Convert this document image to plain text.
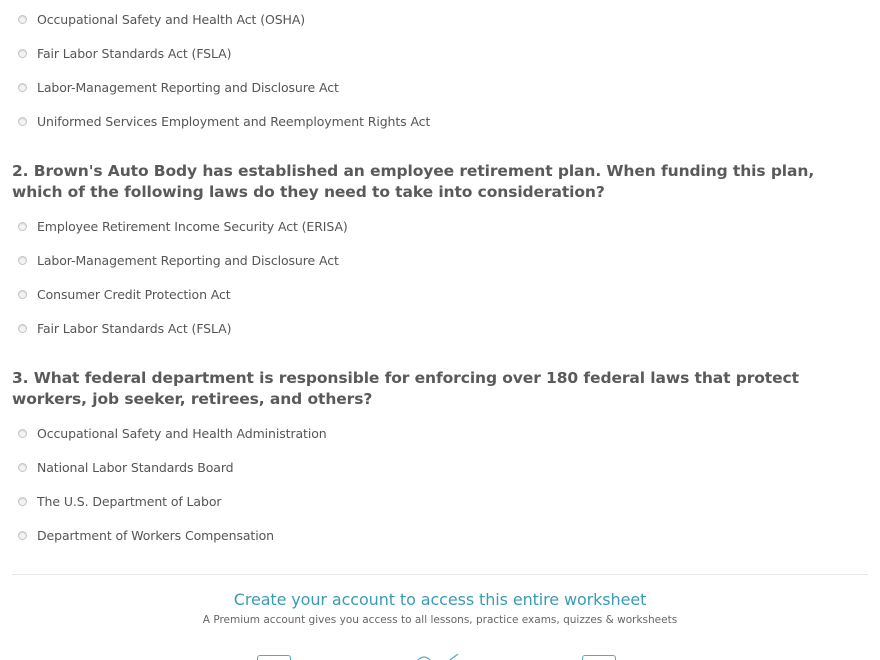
Occupational Safety and Health Act (OSHA)
Fair Labor Standards Act (FSLA)
Labor-Management Reporting and Disclosure Act
Uniformed Services Employment and Reemployment Rights Act
2. Brown's Auto Body has established an employee retirement plan. When funding this plan, which of the following laws do they need to take into consideration?
Employee Retirement Income Security Act (ERISA)
Labor-Management Reporting and Disclosure Act
Consumer Credit Protection Act
Fair Labor Standards Act (FSLA)
3. What federal department is responsible for enforcing over 180 federal laws that protect workers, job seeker, retirees, and others?
Occupational Safety and Health Administration
National Labor Standards Board
The U.S. Department of Labor
Department of Workers Compensation
Create your account to access this entire worksheet
A Premium account gives you access to all lessons, practice exams, quizzes & worksheets
